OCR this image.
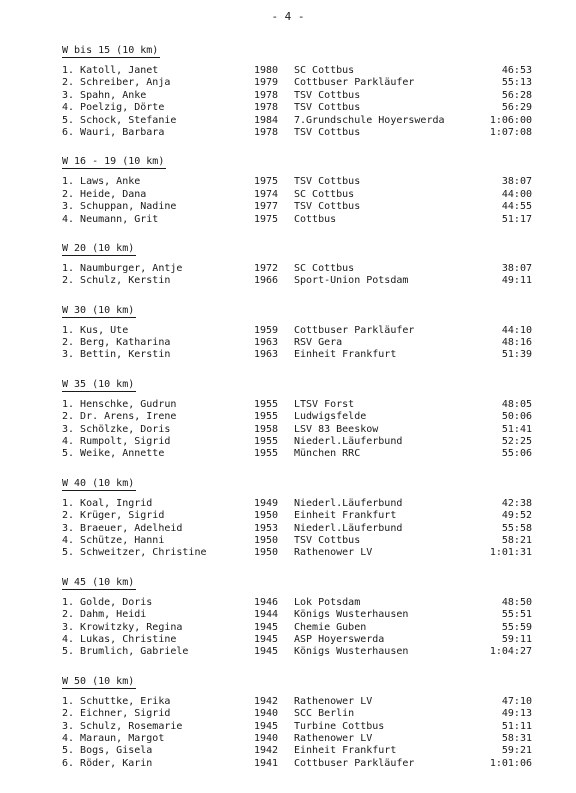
- 4 -
W bis 15 (10 km)
1. Katoll, Janet	1980	SC Cottbus	46:53
2. Schreiber, Anja	1979	Cottbuser Parkläufer	55:13
3. Spahn, Anke	1978	TSV Cottbus	56:28
4. Poelzig, Dörte	1978	TSV Cottbus	56:29
5. Schock, Stefanie	1984	7.Grundschule Hoyerswerda	1:06:00
6. Wauri, Barbara	1978	TSV Cottbus	1:07:08
W 16 - 19 (10 km)
1. Laws, Anke	1975	TSV Cottbus	38:07
2. Heide, Dana	1974	SC Cottbus	44:00
3. Schuppan, Nadine	1977	TSV Cottbus	44:55
4. Neumann, Grit	1975	Cottbus	51:17
W 20 (10 km)
1. Naumburger, Antje	1972	SC Cottbus	38:07
2. Schulz, Kerstin	1966	Sport-Union Potsdam	49:11
W 30 (10 km)
1. Kus, Ute	1959	Cottbuser Parkläufer	44:10
2. Berg, Katharina	1963	RSV Gera	48:16
3. Bettin, Kerstin	1963	Einheit Frankfurt	51:39
W 35 (10 km)
1. Henschke, Gudrun	1955	LTSV Forst	48:05
2. Dr. Arens, Irene	1955	Ludwigsfelde	50:06
3. Schölzke, Doris	1958	LSV 83 Beeskow	51:41
4. Rumpolt, Sigrid	1955	Niederl.Läuferbund	52:25
5. Weike, Annette	1955	München RRC	55:06
W 40 (10 km)
1. Koal, Ingrid	1949	Niederl.Läuferbund	42:38
2. Krüger, Sigrid	1950	Einheit Frankfurt	49:52
3. Braeuer, Adelheid	1953	Niederl.Läuferbund	55:58
4. Schütze, Hanni	1950	TSV Cottbus	58:21
5. Schweitzer, Christine	1950	Rathenower LV	1:01:31
W 45 (10 km)
1. Golde, Doris	1946	Lok Potsdam	48:50
2. Dahm, Heidi	1944	Königs Wusterhausen	55:51
3. Krowitzky, Regina	1945	Chemie Guben	55:59
4. Lukas, Christine	1945	ASP Hoyerswerda	59:11
5. Brumlich, Gabriele	1945	Königs Wusterhausen	1:04:27
W 50 (10 km)
1. Schuttke, Erika	1942	Rathenower LV	47:10
2. Eichner, Sigrid	1940	SCC Berlin	49:13
3. Schulz, Rosemarie	1945	Turbine Cottbus	51:11
4. Maraun, Margot	1940	Rathenower LV	58:31
5. Bogs, Gisela	1942	Einheit Frankfurt	59:21
6. Röder, Karin	1941	Cottbuser Parkläufer	1:01:06
